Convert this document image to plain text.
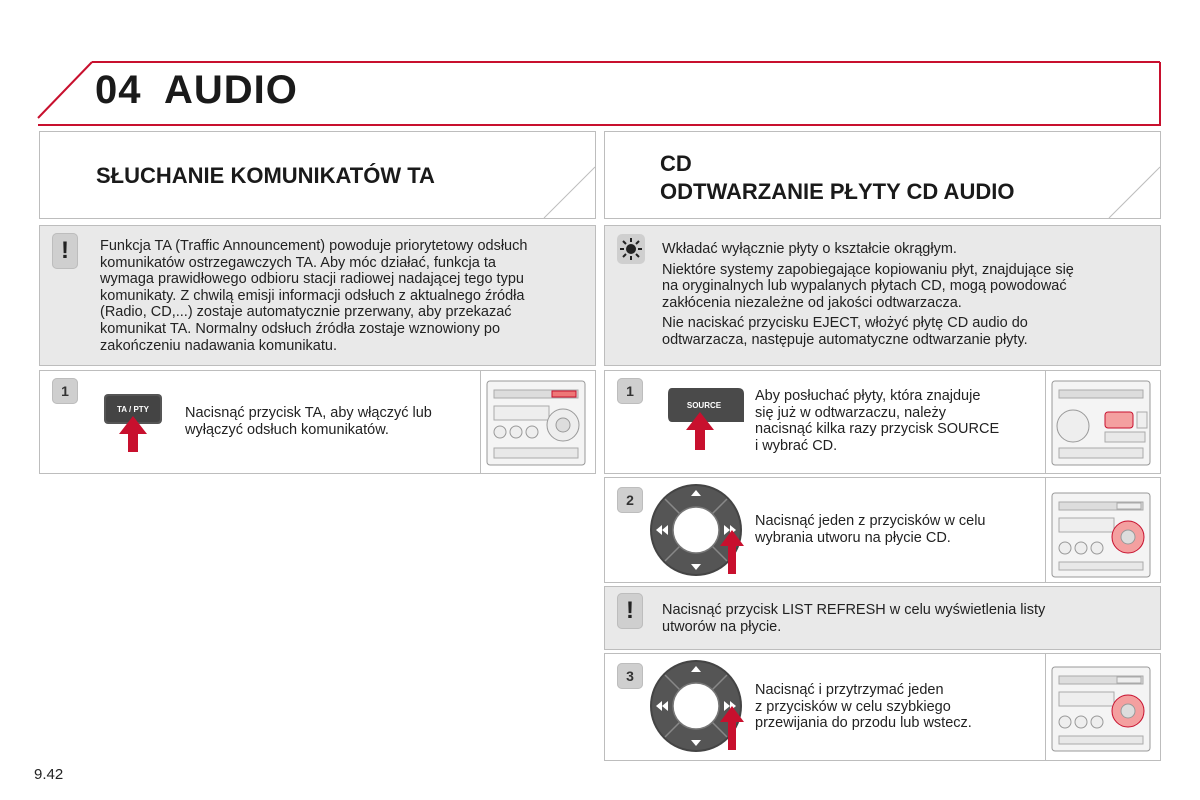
04 AUDIO
SŁUCHANIE KOMUNIKATÓW TA
!	Funkcja TA (Traffic Announcement) powoduje priorytetowy odsłuch
komunikatów ostrzegawczych TA. Aby móc działać, funkcja ta
wymaga prawidłowego odbioru stacji radiowej nadającej tego typu
komunikaty. Z chwilą emisji informacji odsłuch z aktualnego źródła
(Radio, CD,...) zostaje automatycznie przerwany, aby przekazać
komunikat TA. Normalny odsłuch źródła zostaje wznowiony po
zakończeniu nadawania komunikatu.
1
TA / PTY Nacisnąć przycisk TA, aby włączyć lub
wyłączyć odsłuch komunikatów.
CD
ODTWARZANIE PŁYTY CD AUDIO
Wkładać wyłącznie płyty o kształcie okrągłym.
Niektóre systemy zapobiegające kopiowaniu płyt, znajdujące się
na oryginalnych lub wypalanych płytach CD, mogą powodować
zakłócenia niezależne od jakości odtwarzacza.
Nie naciskać przycisku EJECT, włożyć płytę CD audio do
odtwarzacza, następuje automatyczne odtwarzanie płyty.
1
SOURCE
Aby posłuchać płyty, która znajduje
się już w odtwarzaczu, należy
nacisnąć kilka razy przycisk SOURCE
i wybrać CD.
2
Nacisnąć jeden z przycisków w celu
wybrania utworu na płycie CD.
!	Nacisnąć przycisk LIST REFRESH w celu wyświetlenia listy
utworów na płycie.
3
Nacisnąć i przytrzymać jeden
z przycisków w celu szybkiego
przewijania do przodu lub wstecz.
9.42
